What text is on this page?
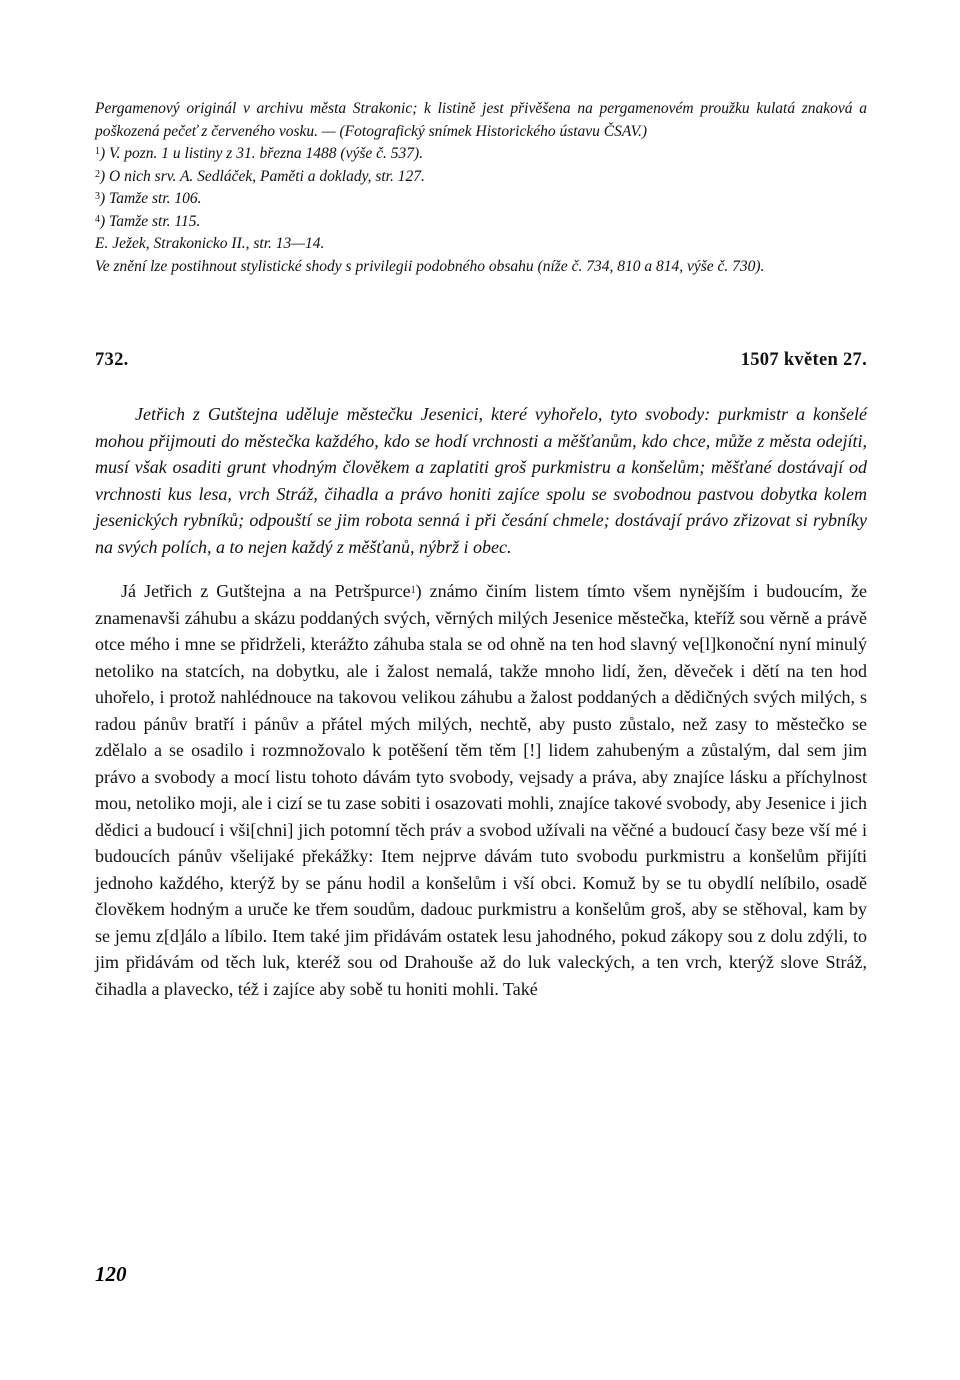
Pergamenový originál v archivu města Strakonic; k listině jest přivěšena na pergamenovém proužku kulatá znaková a poškozená pečeť z červeného vosku. — (Fotografický snímek Historického ústavu ČSAV.)

$^1$) V. pozn. 1 u listiny z 31. března 1488 (výše č. 537).

$^2$) O nich srv. A. Sedláček, Paměti a doklady, str. 127.

$^3$) Tamže str. 106.

$^4$) Tamže str. 115.

E. Ježek, Strakonicko II., str. 13—14.

Ve znění lze postihnout stylistické shody s privilegii podobného obsahu (níže č. 734, 810 a 814, výše č. 730).

732.	1507 květen 27.

Jetřich z Gutštejna uděluje městečku Jesenici, které vyhořelo, tyto svobody: purkmistr a konšelé mohou přijmouti do městečka každého, kdo se hodí vrchnosti a měšťanům, kdo chce, může z města odejíti, musí však osaditi grunt vhodným člověkem a zaplatiti groš purkmistru a konšelům; měšťané dostávají od vrchnosti kus lesa, vrch Stráž, čihadla a právo honiti zajíce spolu se svobodnou pastvou dobytka kolem jesenických rybníků; odpouští se jim robota senná i při česání chmele; dostávají právo zřizovat si rybníky na svých polích, a to nejen každý z měšťanů, nýbrž i obec.

Já Jetřich z Gutštejna a na Petršpurce$^1$) známo činím listem tímto všem nynějším i budoucím, že znamenavši záhubu a skázu poddaných svých, věrných milých Jesenice městečka, kteříž sou věrně a právě otce mého i mne se přidrželi, kterážto záhuba stala se od ohně na ten hod slavný ve[l]konoční nyní minulý netoliko na statcích, na dobytku, ale i žalost nemalá, takže mnoho lidí, žen, děveček i dětí na ten hod uhořelo, i protož nahlédnouce na takovou velikou záhubu a žalost poddaných a dědičných svých milých, s radou pánův bratří i pánův a přátel mých milých, nechtě, aby pusto zůstalo, než zasy to městečko se zdělalo a se osadilo i rozmnožovalo k potěšení těm těm [!] lidem zahubeným a zůstalým, dal sem jim právo a svobody a mocí listu tohoto dávám tyto svobody, vejsady a práva, aby znajíce lásku a příchylnost mou, netoliko moji, ale i cizí se tu zase sobiti i osazovati mohli, znajíce takové svobody, aby Jesenice i jich dědici a budoucí i vši[chni] jich potomní těch práv a svobod užívali na věčné a budoucí časy beze vší mé i budoucích pánův všelijaké překážky: Item nejprve dávám tuto svobodu purkmistru a konšelům přijíti jednoho každého, kterýž by se pánu hodil a konšelům i vší obci. Komuž by se tu obydlí nelíbilo, osadě člověkem hodným a uruče ke třem soudům, dadouc purkmistru a konšelům groš, aby se stěhoval, kam by se jemu z[d]álo a líbilo. Item také jim přidávám ostatek lesu jahodného, pokud zákopy sou z dolu zdýli, to jim přidávám od těch luk, kteréž sou od Drahouše až do luk valeckých, a ten vrch, kterýž slove Stráž, čihadla a plavecko, též i zajíce aby sobě tu honiti mohli. Také

120
